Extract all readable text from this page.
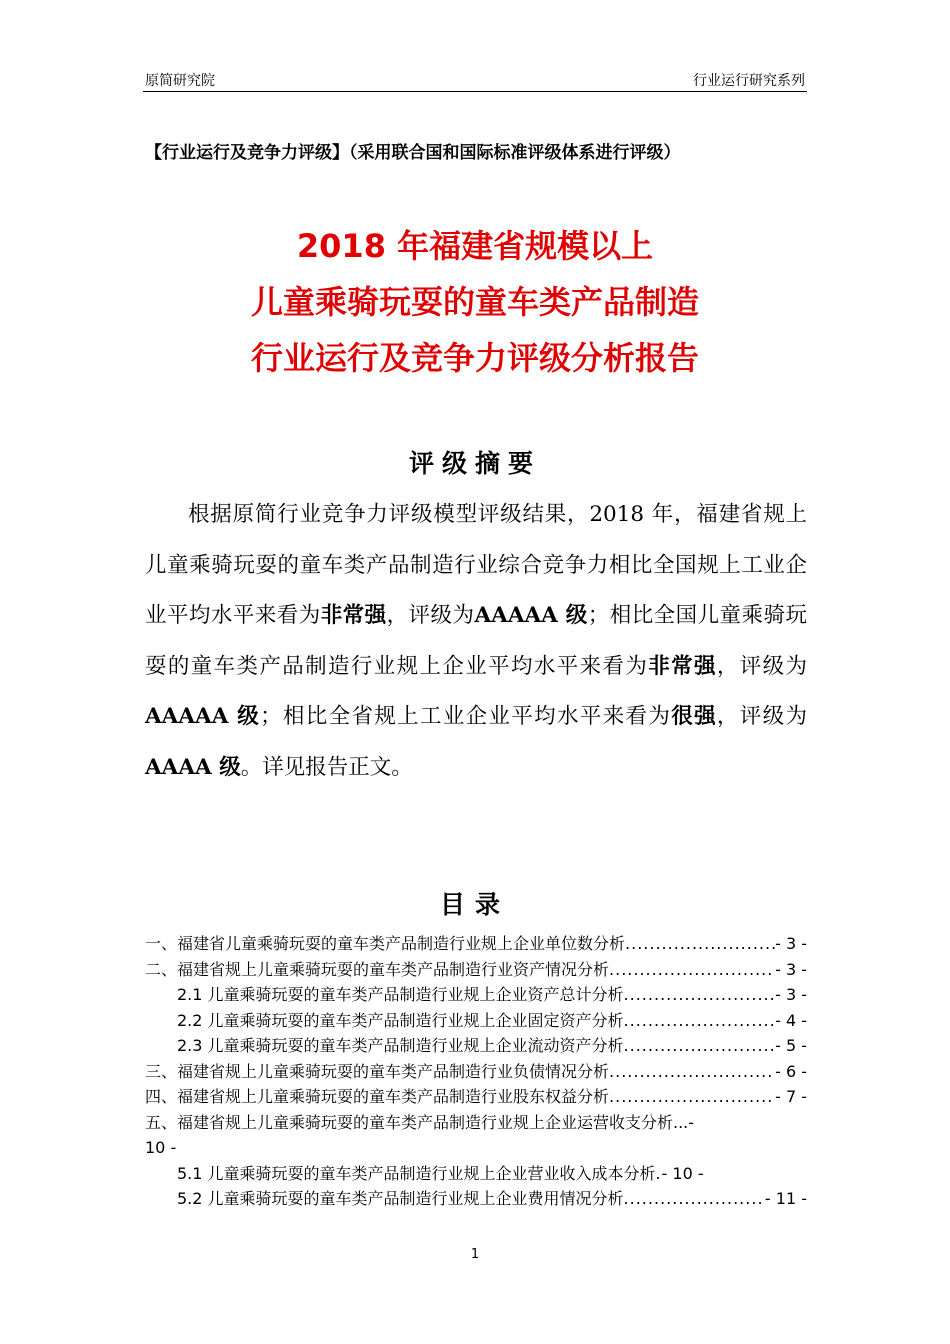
原简研究院	行业运行研究系列
【行业运行及竞争力评级】（采用联合国和国际标准评级体系进行评级）
2018 年福建省规模以上
儿童乘骑玩耍的童车类产品制造
行业运行及竞争力评级分析报告
评级摘要

根据原简行业竞争力评级模型评级结果，2018 年，福建省规上儿童乘骑玩耍的童车类产品制造行业综合竞争力相比全国规上工业企业平均水平来看为非常强，评级为AAAAA 级；相比全国儿童乘骑玩耍的童车类产品制造行业规上企业平均水平来看为非常强，评级为AAAAA 级；相比全省规上工业企业平均水平来看为很强，评级为AAAA 级。详见报告正文。

目录
一、福建省儿童乘骑玩耍的童车类产品制造行业规上企业单位数分析 .....	- 3 -
二、福建省规上儿童乘骑玩耍的童车类产品制造行业资产情况分析 .....	- 3 -
2.1 儿童乘骑玩耍的童车类产品制造行业规上企业资产总计分析 .....	- 3 -
2.2 儿童乘骑玩耍的童车类产品制造行业规上企业固定资产分析 .....	- 4 -
2.3 儿童乘骑玩耍的童车类产品制造行业规上企业流动资产分析 .....	- 5 -
三、福建省规上儿童乘骑玩耍的童车类产品制造行业负债情况分析 .....	- 6 -
四、福建省规上儿童乘骑玩耍的童车类产品制造行业股东权益分析 .....	- 7 -
五、福建省规上儿童乘骑玩耍的童车类产品制造行业规上企业运营收支分析...-
10 -
5.1 儿童乘骑玩耍的童车类产品制造行业规上企业营业收入成本分析 ..... - 10 -
5.2 儿童乘骑玩耍的童车类产品制造行业规上企业费用情况分析 .....	- 11 -
1
